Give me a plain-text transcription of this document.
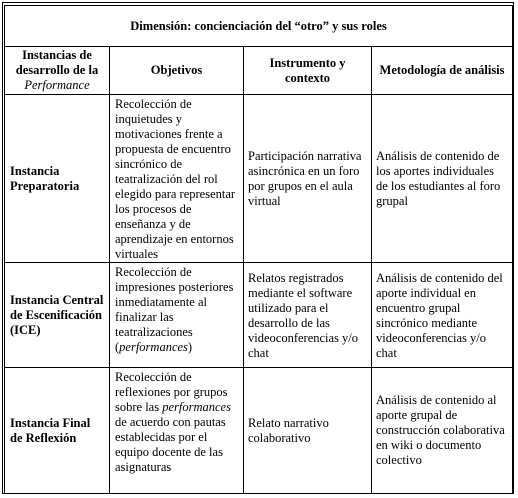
Dimensión: concienciación del “otro” y sus roles			
Instancias de desarrollo de la Performance	Objetivos	Instrumento y contexto	Metodología de análisis
Instancia Preparatoria	Recolección de inquietudes y motivaciones frente a propuesta de encuentro sincrónico de teatralización del rol elegido para representar los procesos de enseñanza y de aprendizaje en entornos virtuales	Participación narrativa asincrónica en un foro por grupos en el aula virtual	Análisis de contenido de los aportes individuales de los estudiantes al foro grupal
Instancia Central de Escenificación (ICE)	Recolección de impresiones posteriores inmediatamente al finalizar las teatralizaciones (performances)	Relatos registrados mediante el software utilizado para el desarrollo de las videoconferencias y/o chat	Análisis de contenido del aporte individual en encuentro grupal sincrónico mediante videoconferencias y/o chat
Instancia Final de Reflexión	Recolección de reflexiones por grupos sobre las performances de acuerdo con pautas establecidas por el equipo docente de las asignaturas	Relato narrativo colaborativo	Análisis de contenido al aporte grupal de construcción colaborativa en wiki o documento colectivo
